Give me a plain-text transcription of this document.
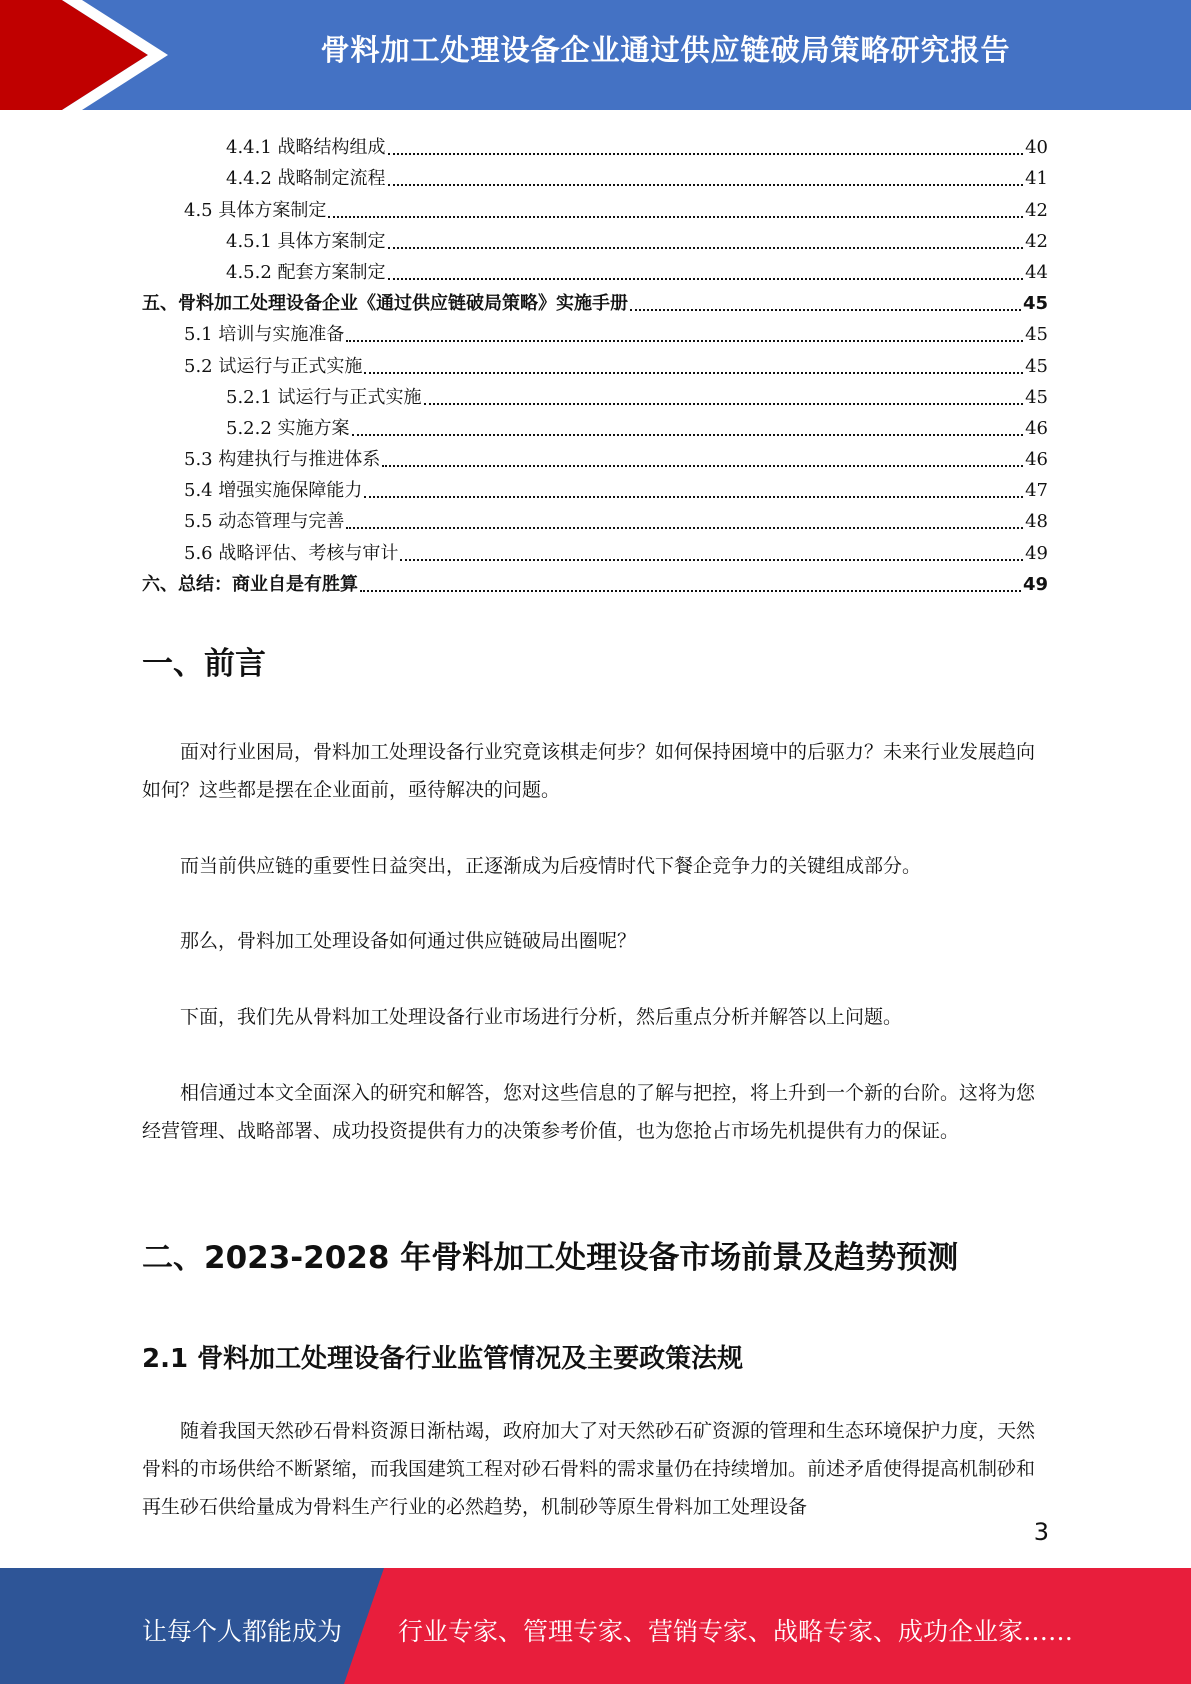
骨料加工处理设备企业通过供应链破局策略研究报告
4.4.1 战略结构组成	40
4.4.2 战略制定流程	41
4.5 具体方案制定	42
4.5.1 具体方案制定	42
4.5.2 配套方案制定	44
五、骨料加工处理设备企业《通过供应链破局策略》实施手册	45
5.1 培训与实施准备	45
5.2 试运行与正式实施	45
5.2.1 试运行与正式实施	45
5.2.2 实施方案	46
5.3 构建执行与推进体系	46
5.4 增强实施保障能力	47
5.5 动态管理与完善	48
5.6 战略评估、考核与审计	49
六、总结：商业自是有胜算	49
一、前言

面对行业困局，骨料加工处理设备行业究竟该棋走何步？如何保持困境中的后驱力？未来行业发展趋向如何？这些都是摆在企业面前，亟待解决的问题。

而当前供应链的重要性日益突出，正逐渐成为后疫情时代下餐企竞争力的关键组成部分。

那么，骨料加工处理设备如何通过供应链破局出圈呢？

下面，我们先从骨料加工处理设备行业市场进行分析，然后重点分析并解答以上问题。

相信通过本文全面深入的研究和解答，您对这些信息的了解与把控，将上升到一个新的台阶。这将为您经营管理、战略部署、成功投资提供有力的决策参考价值，也为您抢占市场先机提供有力的保证。

二、2023-2028 年骨料加工处理设备市场前景及趋势预测
2.1 骨料加工处理设备行业监管情况及主要政策法规

随着我国天然砂石骨料资源日渐枯竭，政府加大了对天然砂石矿资源的管理和生态环境保护力度，天然骨料的市场供给不断紧缩，而我国建筑工程对砂石骨料的需求量仍在持续增加。前述矛盾使得提高机制砂和再生砂石供给量成为骨料生产行业的必然趋势，机制砂等原生骨料加工处理设备

3
让每个人都能成为 行业专家、管理专家、营销专家、战略专家、成功企业家……
